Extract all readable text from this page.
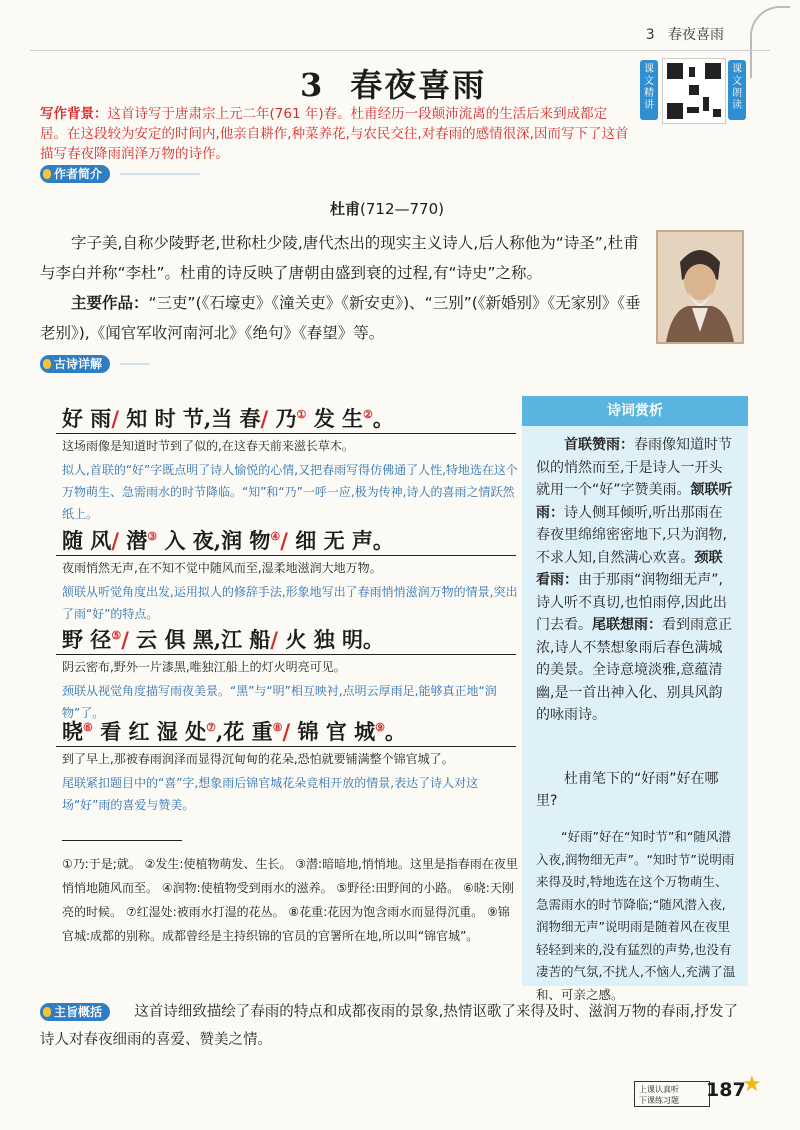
3 春夜喜雨
3 春夜喜雨	课文精讲
课文朗读
写作背景：这首诗写于唐肃宗上元二年(761 年)春。杜甫经历一段颠沛流离的生活后来到成都定居。在这段较为安定的时间内,他亲自耕作,种菜养花,与农民交往,对春雨的感情很深,因而写下了这首描写春夜降雨润泽万物的诗作。
作者简介
杜甫(712—770)
字子美,自称少陵野老,世称杜少陵,唐代杰出的现实主义诗人,后人称他为“诗圣”,杜甫与李白并称“李杜”。杜甫的诗反映了唐朝由盛到衰的过程,有“诗史”之称。
主要作品：“三吏”(《石壕吏》《潼关吏》《新安吏》)、“三别”(《新婚别》《无家别》《垂老别》),《闻官军收河南河北》《绝句》《春望》等。
古诗详解
好 雨/ 知 时 节,当 春/ 乃① 发 生②。
这场雨像是知道时节到了似的,在这春天前来滋长草木。
拟人,首联的“好”字既点明了诗人愉悦的心情,又把春雨写得仿佛通了人性,特地选在这个万物萌生、急需雨水的时节降临。“知”和“乃”一呼一应,极为传神,诗人的喜雨之情跃然纸上。
随 风/ 潜③ 入 夜,润 物④/ 细 无 声。
夜雨悄然无声,在不知不觉中随风而至,湿柔地滋润大地万物。
颔联从听觉角度出发,运用拟人的修辞手法,形象地写出了春雨悄悄滋润万物的情景,突出了雨“好”的特点。
野 径⑤/ 云 俱 黑,江 船/ 火 独 明。
阴云密布,野外一片漆黑,唯独江船上的灯火明亮可见。
颈联从视觉角度描写雨夜美景。“黑”与“明”相互映衬,点明云厚雨足,能够真正地“润物”了。
晓⑥ 看 红 湿 处⑦,花 重⑧/ 锦 官 城⑨。
到了早上,那被春雨润泽而显得沉甸甸的花朵,恐怕就要铺满整个锦官城了。
尾联紧扣题目中的“喜”字,想象雨后锦官城花朵竞相开放的情景,表达了诗人对这场“好”雨的喜爱与赞美。
诗词赏析
首联赞雨：春雨像知道时节似的悄然而至,于是诗人一开头就用一个“好”字赞美雨。颔联听雨：诗人侧耳倾听,听出那雨在春夜里绵绵密密地下,只为润物,不求人知,自然满心欢喜。颈联看雨：由于那雨“润物细无声”,诗人听不真切,也怕雨停,因此出门去看。尾联想雨：看到雨意正浓,诗人不禁想象雨后春色满城的美景。全诗意境淡雅,意蕴清幽,是一首出神入化、别具风韵的咏雨诗。
杜甫笔下的“好雨”好在哪里?
“好雨”好在“知时节”和“随风潜入夜,润物细无声”。“知时节”说明雨来得及时,特地选在这个万物萌生、急需雨水的时节降临;“随风潜入夜,润物细无声”说明雨是随着风在夜里轻轻到来的,没有猛烈的声势,也没有凄苦的气氛,不扰人,不恼人,充满了温和、可亲之感。
①乃:于是;就。 ②发生:使植物萌发、生长。 ③潜:暗暗地,悄悄地。这里是指春雨在夜里悄悄地随风而至。 ④润物:使植物受到雨水的滋养。 ⑤野径:田野间的小路。 ⑥晓:天刚亮的时候。 ⑦红湿处:被雨水打湿的花丛。 ⑧花重:花因为饱含雨水而显得沉重。 ⑨锦官城:成都的别称。成都曾经是主持织锦的官员的官署所在地,所以叫“锦官城”。
主旨概括	这首诗细致描绘了春雨的特点和成都夜雨的景象,热情讴歌了来得及时、滋润万物的春雨,抒发了诗人对春夜细雨的喜爱、赞美之情。
上课认真听
下课练习题	187
★
